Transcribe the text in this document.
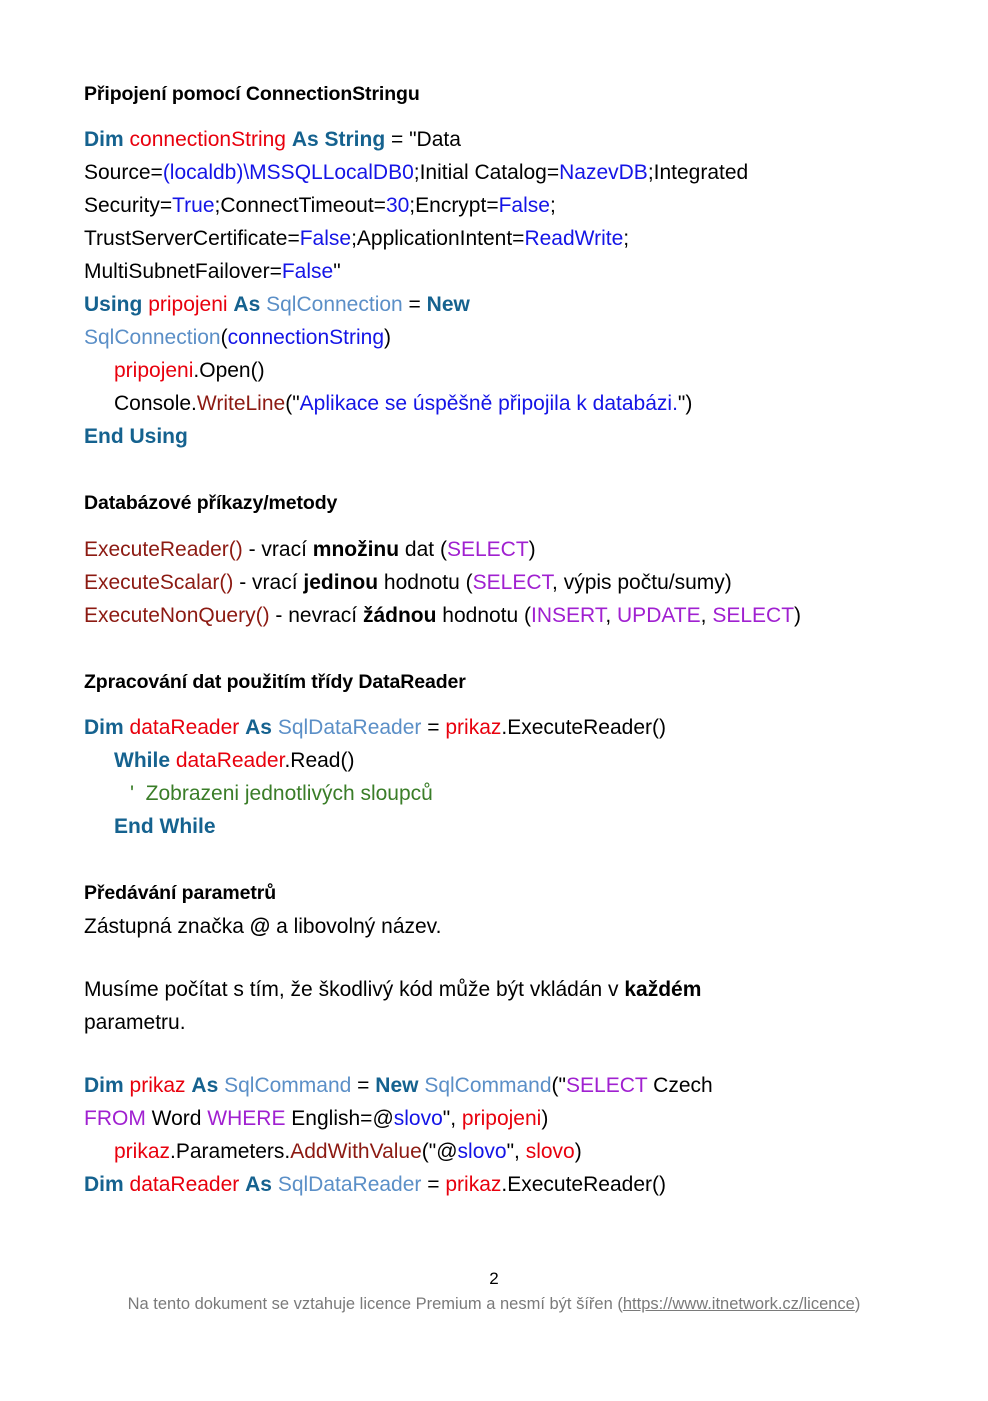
Připojení pomocí ConnectionStringu
Dim connectionString As String = "Data
Source=(localdb)\MSSQLLocalDB0;Initial Catalog=NazevDB;Integrated
Security=True;ConnectTimeout=30;Encrypt=False;
TrustServerCertificate=False;ApplicationIntent=ReadWrite;
MultiSubnetFailover=False"
Using pripojeni As SqlConnection = New
SqlConnection(connectionString)
pripojeni.Open()
Console.WriteLine("Aplikace se úspěšně připojila k databázi.")
End Using
Databázové příkazy/metody
ExecuteReader() - vrací množinu dat (SELECT)
ExecuteScalar() - vrací jedinou hodnotu (SELECT, výpis počtu/sumy)
ExecuteNonQuery() - nevrací žádnou hodnotu (INSERT, UPDATE, SELECT)
Zpracování dat použitím třídy DataReader
Dim dataReader As SqlDataReader = prikaz.ExecuteReader()
While dataReader.Read()
'  Zobrazeni jednotlivých sloupců
End While
Předávání parametrů

Zástupná značka @ a libovolný název.

Musíme počítat s tím, že škodlivý kód může být vkládán v každém
parametru.

Dim prikaz As SqlCommand = New SqlCommand("SELECT Czech
FROM Word WHERE English=@slovo", pripojeni)
prikaz.Parameters.AddWithValue("@slovo", slovo)
Dim dataReader As SqlDataReader = prikaz.ExecuteReader()
2
Na tento dokument se vztahuje licence Premium a nesmí být šířen (https://www.itnetwork.cz/licence)
